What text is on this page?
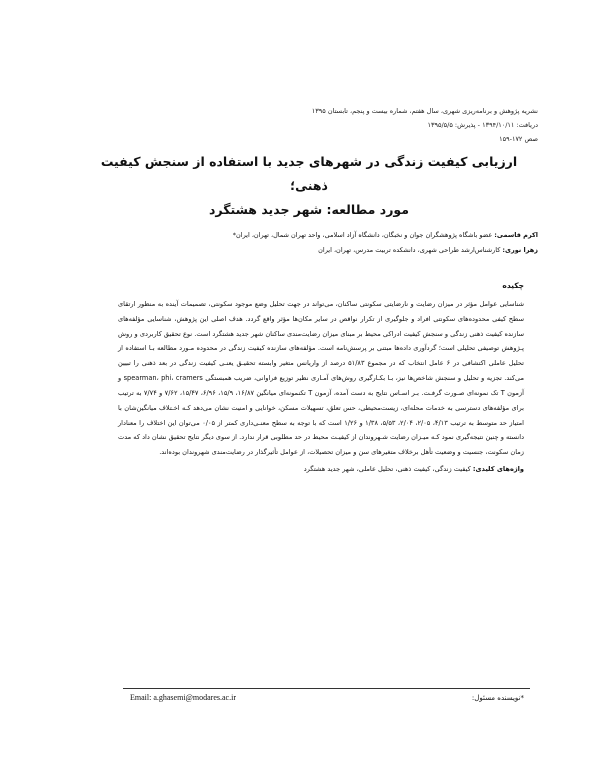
نشریه پژوهش و برنامه‌ریزی شهری، سال هفتم، شماره بیست و پنجم، تابستان ۱۳۹۵
دریافت: ۱۳۹۴/۱۰/۱۱ - پذیرش: ۱۳۹۵/۵/۵
صص ۱۷۲-۱۵۹
ارزیابی کیفیت زندگی در شهرهای جدید با استفاده از سنجش کیفیت ذهنی؛
مورد مطالعه: شهر جدید هشتگرد
اکرم قاسمی: عضو باشگاه پژوهشگران جوان و نخبگان، دانشگاه آزاد اسلامی، واحد تهران شمال، تهران، ایران*
زهرا نوری: کارشناس‌ارشد طراحی شهری، دانشکده تربیت مدرس، تهران، ایران
چکیده
شناسایی عوامل مؤثر در میزان رضایت و نارضایتی سکونتی ساکنان، می‌تواند در جهت تحلیل وضع موجود سکونتی، تصمیمات آینده به منظور ارتقای سطح کیفی محدوده‌های سکونتی افراد و جلوگیری از تکرار نواقص در سایر مکان‌ها مؤثر واقع گردد. هدف اصلی این پژوهش، شناسایی مؤلفه‌های سازنده کیفیت ذهنی زندگی و سنجش کیفیت ادراکی محیط بر مبنای میزان رضایت‌مندی ساکنان شهر جدید هشتگرد است. نوع تحقیق کاربردی و روش پـژوهش توصیفی تحلیلی است؛ گردآوری داده‌ها مبتنی بر پرسش‌نامه است. مؤلفه‌های سازنده کیفیت زندگی در محدوده مـورد مطالعه بـا استفاده از تحلیل عاملی اکتشافی در ۶ عامل انتخاب که در مجموع ۵۱/۸۳ درصد از واریانس متغیر وابسته تحقیـق یعنـی کیفیت زندگی در بعد ذهنی را تبیین می‌کند. تجزیه و تحلیل و سنجش شاخص‌ها نیز، بـا بکـارگیری روش‌های آمـاری نظیر توزیع فراوانی، ضریب همبستگی spearman، phi، cramers و آزمون T تک نمونه‌ای صـورت گرفـت. بـر اسـاس نتایج به دست آمده، آزمون T تکنمونه‌ای میانگین ۱۶/۸۷، ۱۵/۹، ۶/۹۶، ۱۵/۴۷، ۷/۶۲ و ۷/۷۴ به ترتیب برای مؤلفه‌های دسترسی به خدمات محله‌ای، زیست‌محیطی، حس تعلق، تسهیلات مسکن، خوانایی و امنیت نشان می‌دهد کـه اخـتلاف میانگین‌شان با امتیاز حد متوسط به ترتیب ۴/۱۳، ۲/۰۵، ۲/۰۴، ۵/۵۳، ۱/۳۸ و ۱/۲۶ است که با توجه به سطح معنـی‌داری کمتر از ۰/۰۵ می‌توان این اختلاف را معنادار دانسته و چنین نتیجه‌گیری نمود کـه میـزان رضایت شـهروندان از کیفیـت محیط در حد مطلوبی قرار ندارد. از سوی دیگر نتایج تحقیق نشان داد که مدت زمان سکونت، جنسیت و وضعیت تأهل برخلاف متغیرهای سن و میزان تحصیلات، از عوامل تأثیرگذار در رضایت‌مندی شهروندان بوده‌اند.
واژه‌های کلیدی: کیفیت زندگی، کیفیت ذهنی، تحلیل عاملی، شهر جدید هشتگرد
Email: a.ghasemi@modares.ac.ir	*نویسنده مسئول:
